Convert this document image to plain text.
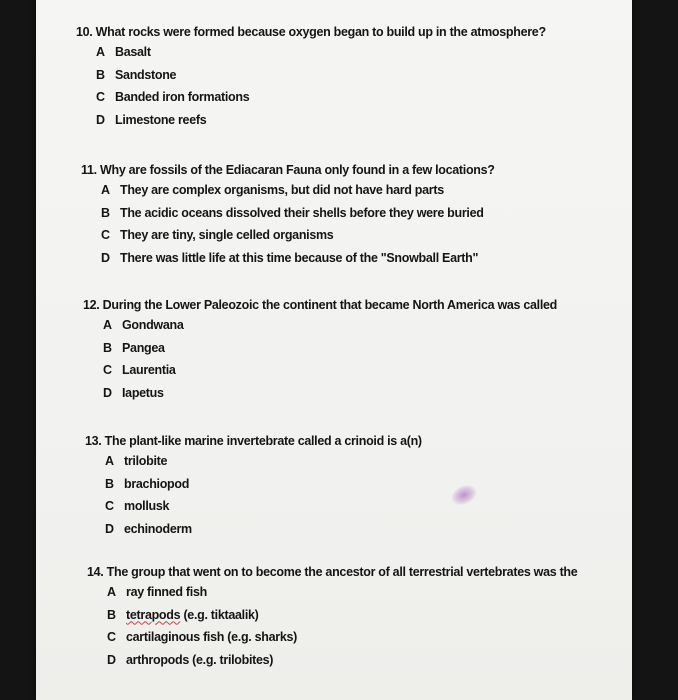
10. What rocks were formed because oxygen began to build up in the atmosphere?
A Basalt
B Sandstone
C Banded iron formations
D Limestone reefs
11. Why are fossils of the Ediacaran Fauna only found in a few locations?
A They are complex organisms, but did not have hard parts
B The acidic oceans dissolved their shells before they were buried
C They are tiny, single celled organisms
D There was little life at this time because of the "Snowball Earth"
12. During the Lower Paleozoic the continent that became North America was called
A Gondwana
B Pangea
C Laurentia
D Iapetus
13. The plant-like marine invertebrate called a crinoid is a(n)
A trilobite
B brachiopod
C mollusk
D echinoderm
14. The group that went on to become the ancestor of all terrestrial vertebrates was the
A ray finned fish
B tetrapods (e.g. tiktaalik)
C cartilaginous fish (e.g. sharks)
D arthropods (e.g. trilobites)
